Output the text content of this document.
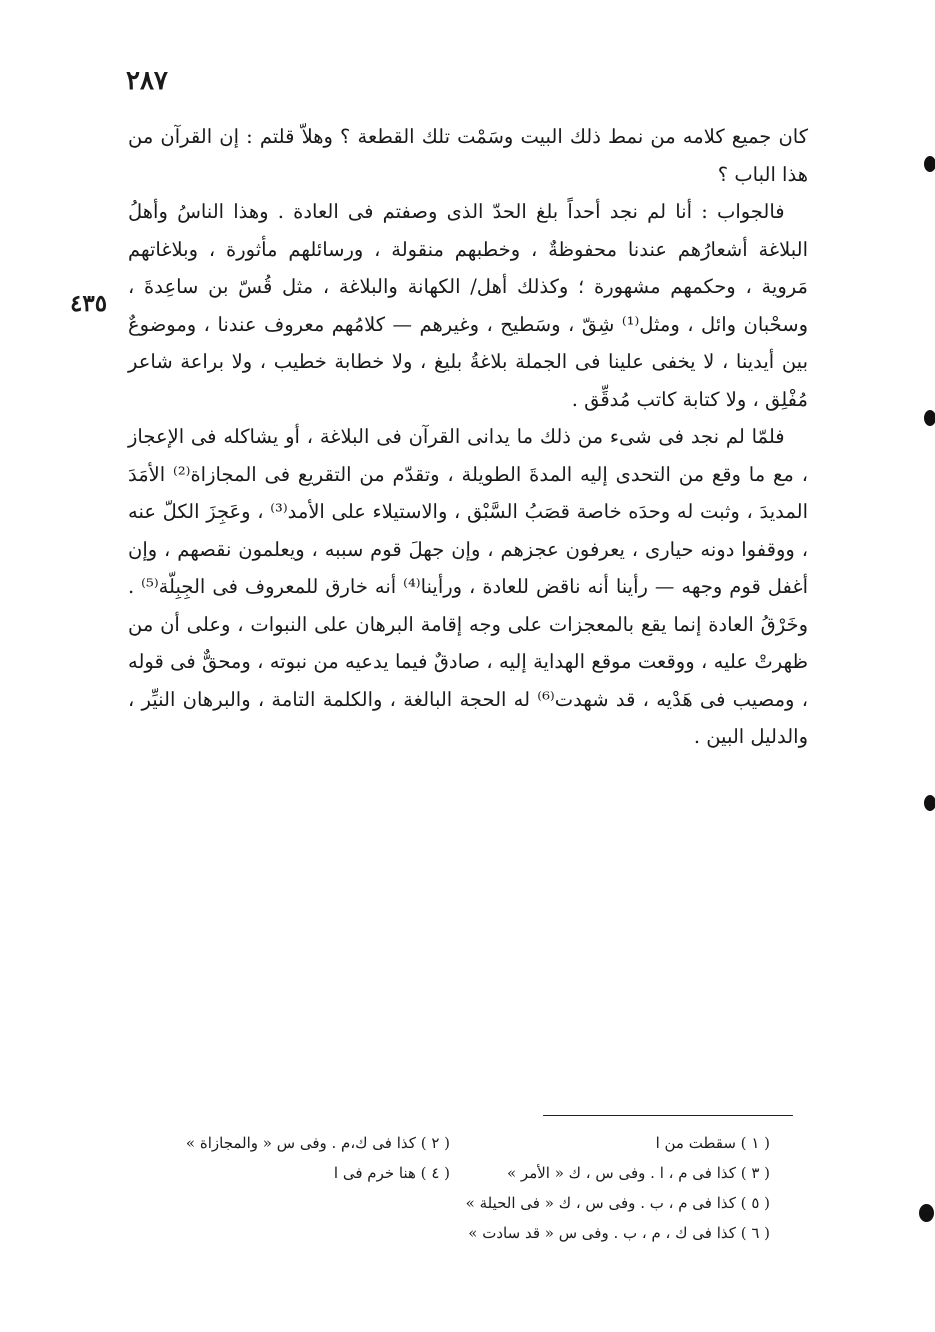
٢٨٧
٤٣٥

كان جميع كلامه من نمط ذلك البيت وسَمْت تلك القطعة ؟ وهلاّ قلتم : إن القرآن من هذا الباب ؟

فالجواب : أنا لم نجد أحداً بلغ الحدّ الذى وصفتم فى العادة . وهذا الناسُ وأهلُ البلاغة أشعارُهم عندنا محفوظةٌ ، وخطبهم منقولة ، ورسائلهم مأثورة ، وبلاغاتهم مَروية ، وحكمهم مشهورة ؛ وكذلك أهل/ الكهانة والبلاغة ، مثل قُسّ بن ساعِدةَ ، وسحْبان وائل ، ومثل⁽¹⁾ شِقّ ، وسَطيح ، وغيرهم — كلامُهم معروف عندنا ، وموضوعٌ بين أيدينا ، لا يخفى علينا فى الجملة بلاغةُ بليغ ، ولا خطابة خطيب ، ولا براعة شاعر مُفْلِق ، ولا كتابة كاتب مُدقِّق .

فلمّا لم نجد فى شىء من ذلك ما يدانى القرآن فى البلاغة ، أو يشاكله فى الإعجاز ، مع ما وقع من التحدى إليه المدةَ الطويلة ، وتقدّم من التقريع فى المجازاة⁽²⁾ الأمَدَ المديدَ ، وثبت له وحدَه خاصة قصَبُ السَّبْق ، والاستيلاء على الأمد⁽³⁾ ، وعَجِزَ الكلّ عنه ، ووقفوا دونه حيارى ، يعرفون عجزهم ، وإن جهلَ قوم سببه ، ويعلمون نقصهم ، وإن أغفل قوم وجهه — رأينا أنه ناقض للعادة ، ورأينا⁽⁴⁾ أنه خارق للمعروف فى الجِبِلّة⁽⁵⁾ . وخَرْقُ العادة إنما يقع بالمعجزات على وجه إقامة البرهان على النبوات ، وعلى أن من ظهرتْ عليه ، ووقعت موقع الهداية إليه ، صادقٌ فيما يدعيه من نبوته ، ومحقٌّ فى قوله ، ومصيب فى هَدْيه ، قد شهدت⁽⁶⁾ له الحجة البالغة ، والكلمة التامة ، والبرهان النيِّر ، والدليل البين .

( ١ ) سقطت من ا
( ٢ ) كذا فى ك،م . وفى س « والمجازاة »
( ٣ ) كذا فى م ، ا . وفى س ، ك « الأمر »
( ٤ ) هنا خرم فى ا
( ٥ ) كذا فى م ، ب . وفى س ، ك « فى الحيلة »
( ٦ ) كذا فى ك ، م ، ب . وفى س « قد سادت »
